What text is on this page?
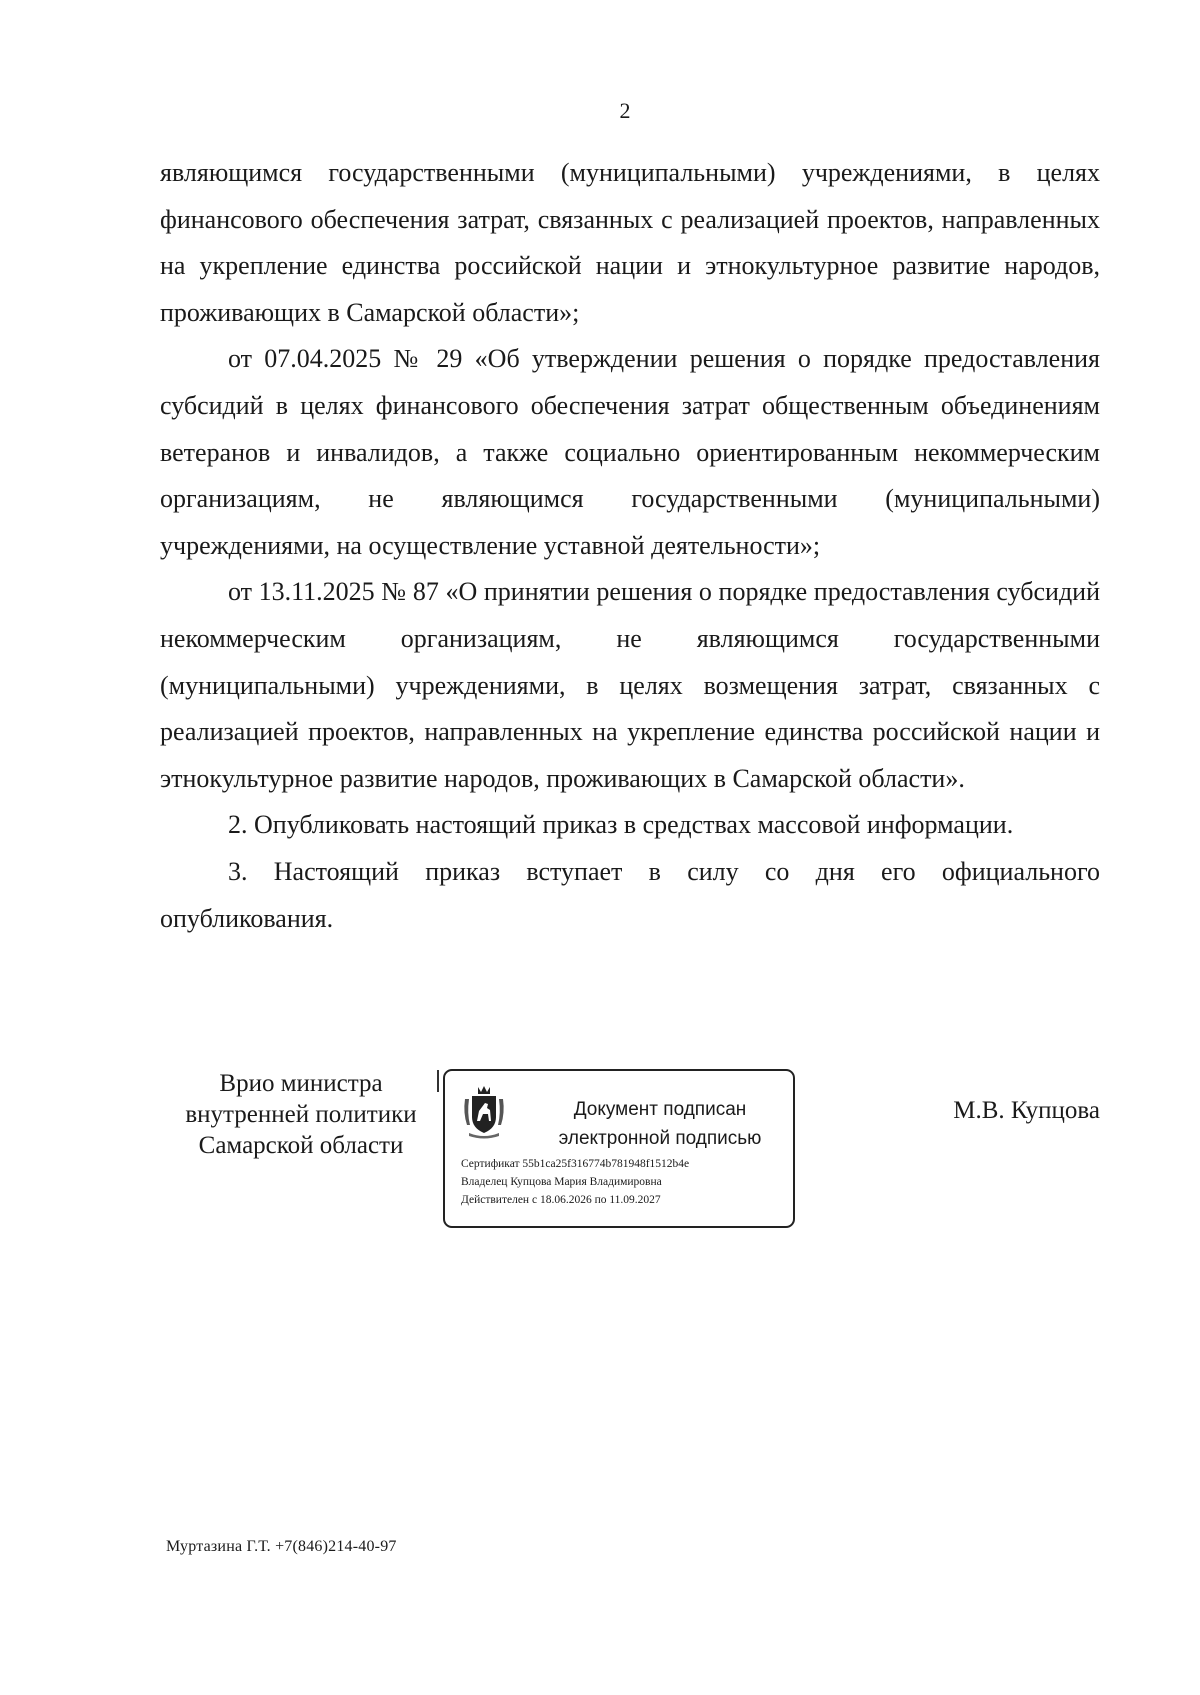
2

являющимся государственными (муниципальными) учреждениями, в целях финансового обеспечения затрат, связанных с реализацией проектов, направленных на укрепление единства российской нации и этнокультурное развитие народов, проживающих в Самарской области»;

от 07.04.2025 № 29 «Об утверждении решения о порядке предоставления субсидий в целях финансового обеспечения затрат общественным объединениям ветеранов и инвалидов, а также социально ориентированным некоммерческим организациям, не являющимся государственными (муниципальными) учреждениями, на осуществление уставной деятельности»;

от 13.11.2025 № 87 «О принятии решения о порядке предоставления субсидий некоммерческим организациям, не являющимся государственными (муниципальными) учреждениями, в целях возмещения затрат, связанных с реализацией проектов, направленных на укрепление единства российской нации и этнокультурное развитие народов, проживающих в Самарской области».

2. Опубликовать настоящий приказ в средствах массовой информации.

3. Настоящий приказ вступает в силу со дня его официального опубликования.

Врио министра
внутренней политики
Самарской области
Документ подписан
электронной подписью
Сертификат 55b1ca25f316774b781948f1512b4e
Владелец Купцова Мария Владимировна
Действителен с 18.06.2026 по 11.09.2027
М.В. Купцова
Муртазина Г.Т. +7(846)214-40-97
